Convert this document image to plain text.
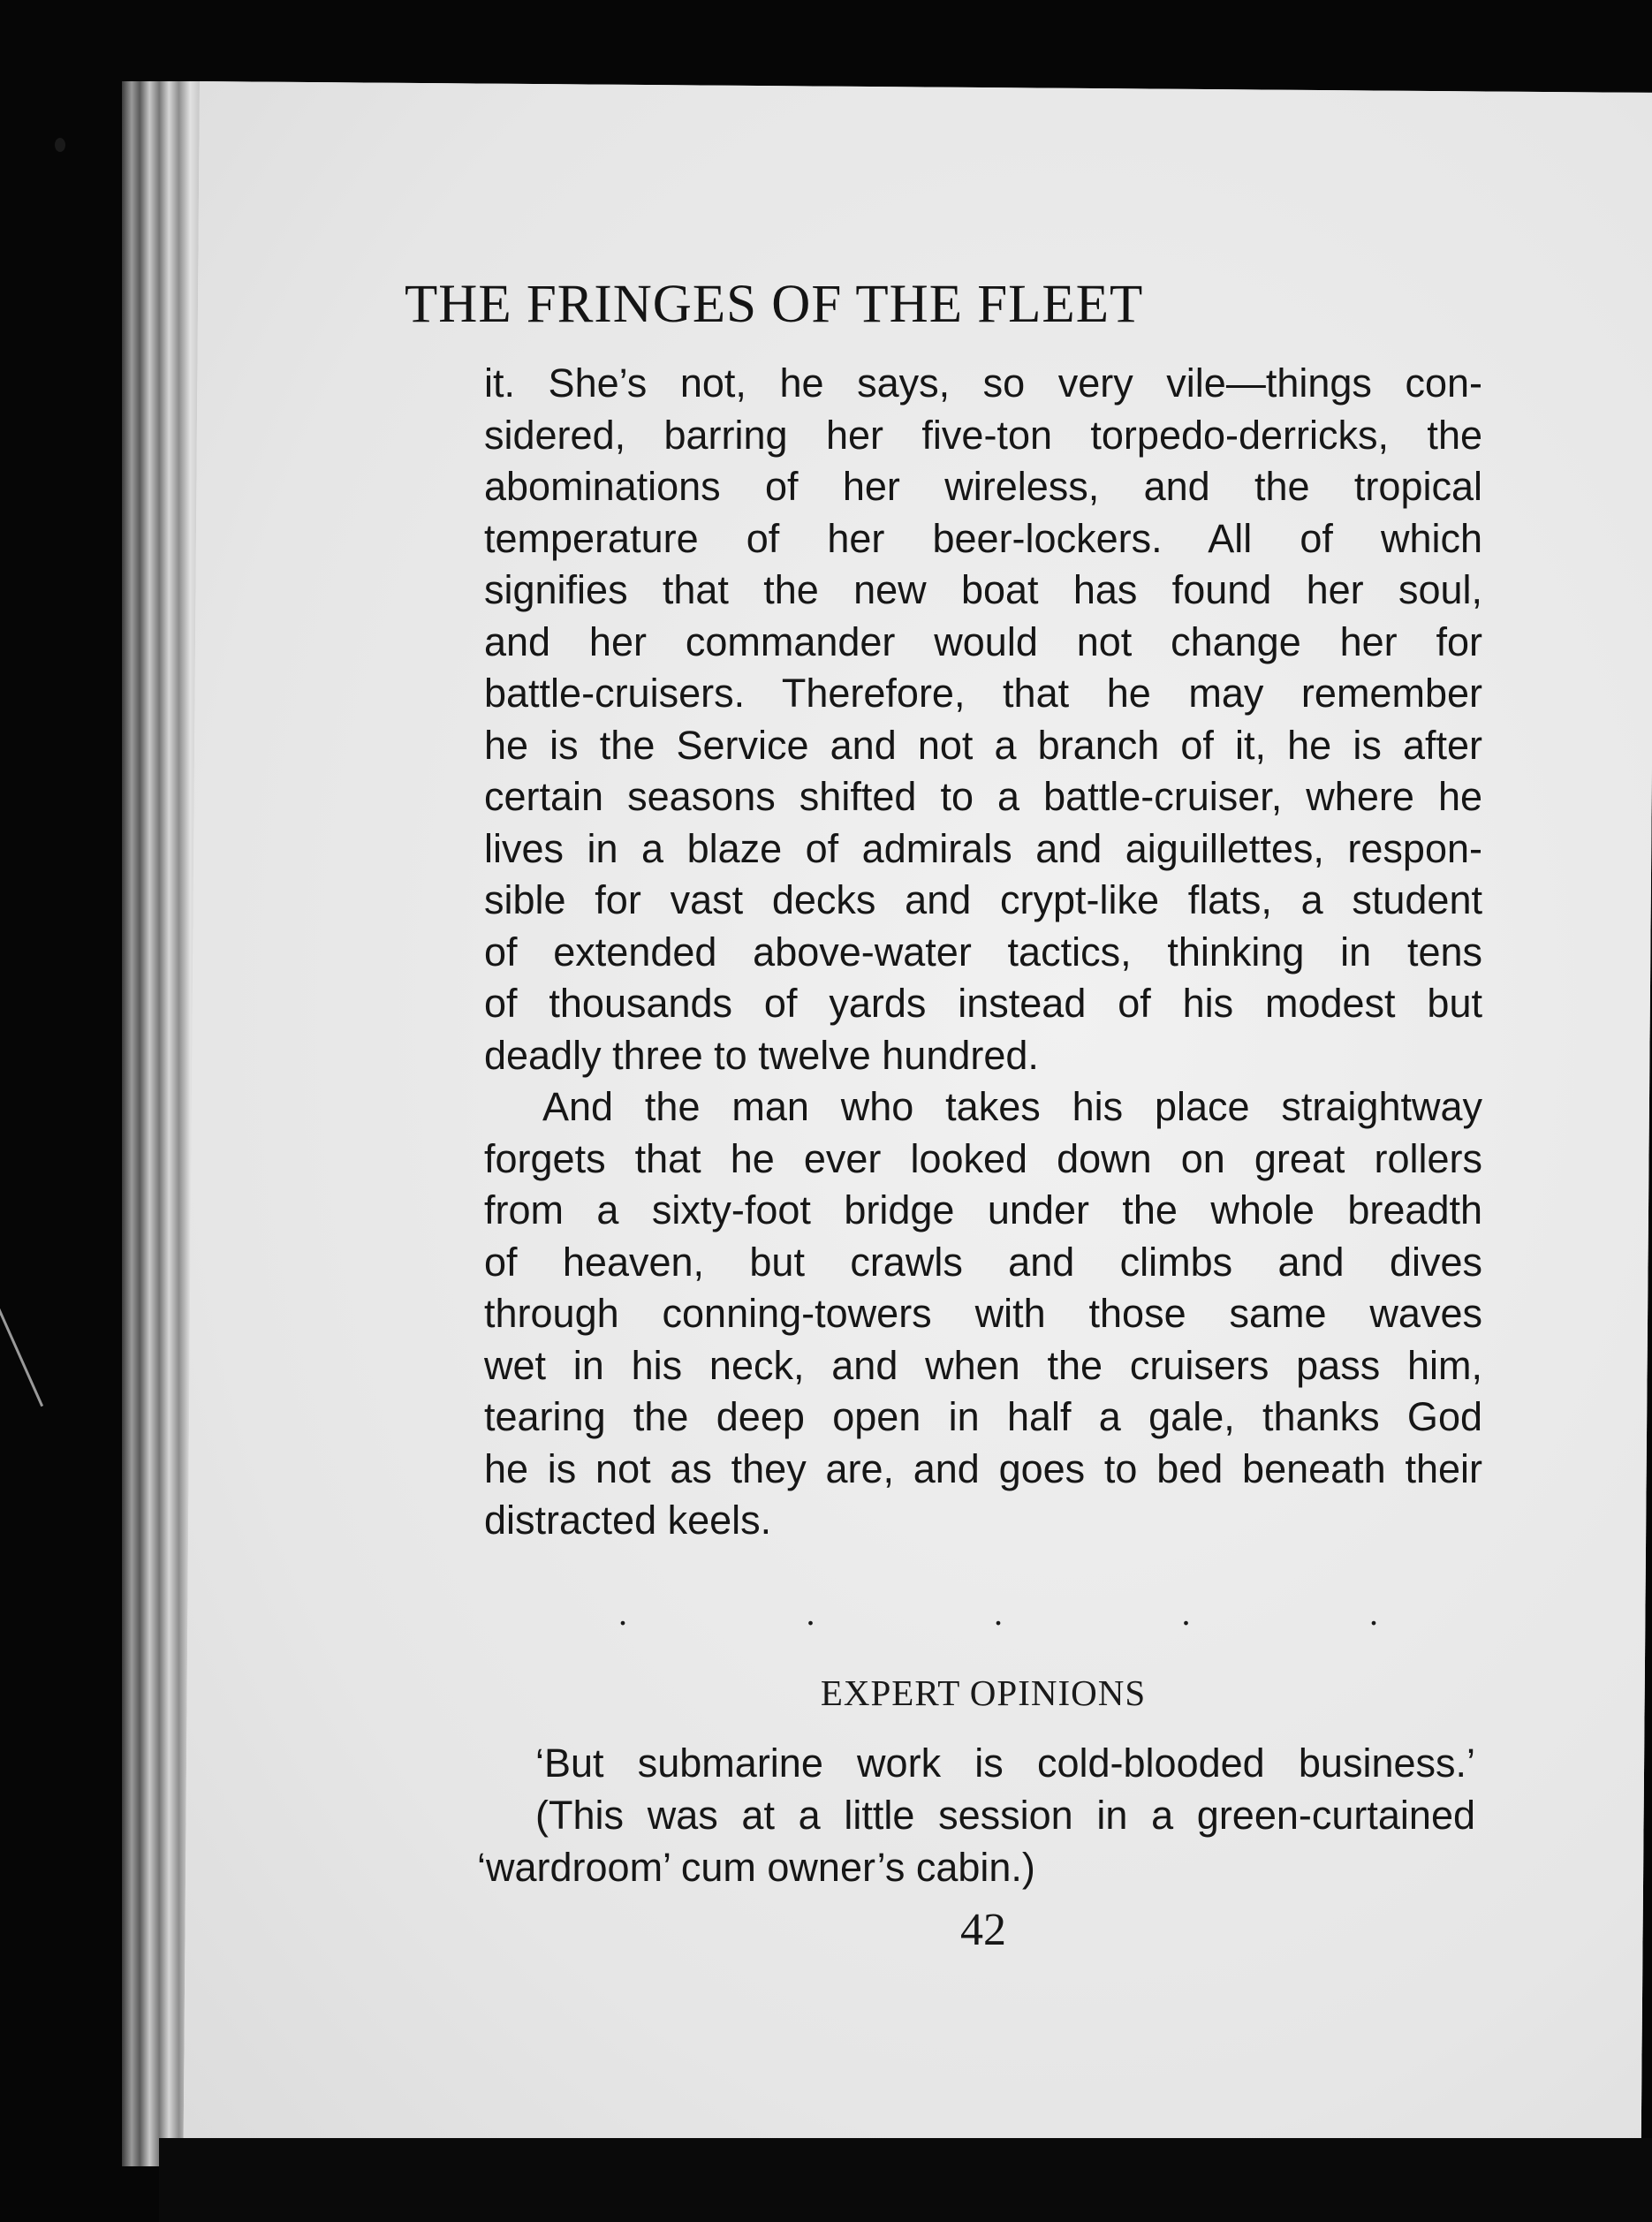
THE FRINGES OF THE FLEET
it. She’s not, he says, so very vile—things con-
sidered, barring her five-ton torpedo-derricks, the
abominations of her wireless, and the tropical
temperature of her beer-lockers. All of which
signifies that the new boat has found her soul,
and her commander would not change her for
battle-cruisers. Therefore, that he may remember
he is the Service and not a branch of it, he is after
certain seasons shifted to a battle-cruiser, where he
lives in a blaze of admirals and aiguillettes, respon-
sible for vast decks and crypt-like flats, a student
of extended above-water tactics, thinking in tens
of thousands of yards instead of his modest but
deadly three to twelve hundred.
And the man who takes his place straightway
forgets that he ever looked down on great rollers
from a sixty-foot bridge under the whole breadth
of heaven, but crawls and climbs and dives
through conning-towers with those same waves
wet in his neck, and when the cruisers pass him,
tearing the deep open in half a gale, thanks God
he is not as they are, and goes to bed beneath their
distracted keels.
.	.	.	.	.
EXPERT OPINIONS
‘But submarine work is cold-blooded business.’
(This was at a little session in a green-curtained
‘wardroom’ cum owner’s cabin.)
42
